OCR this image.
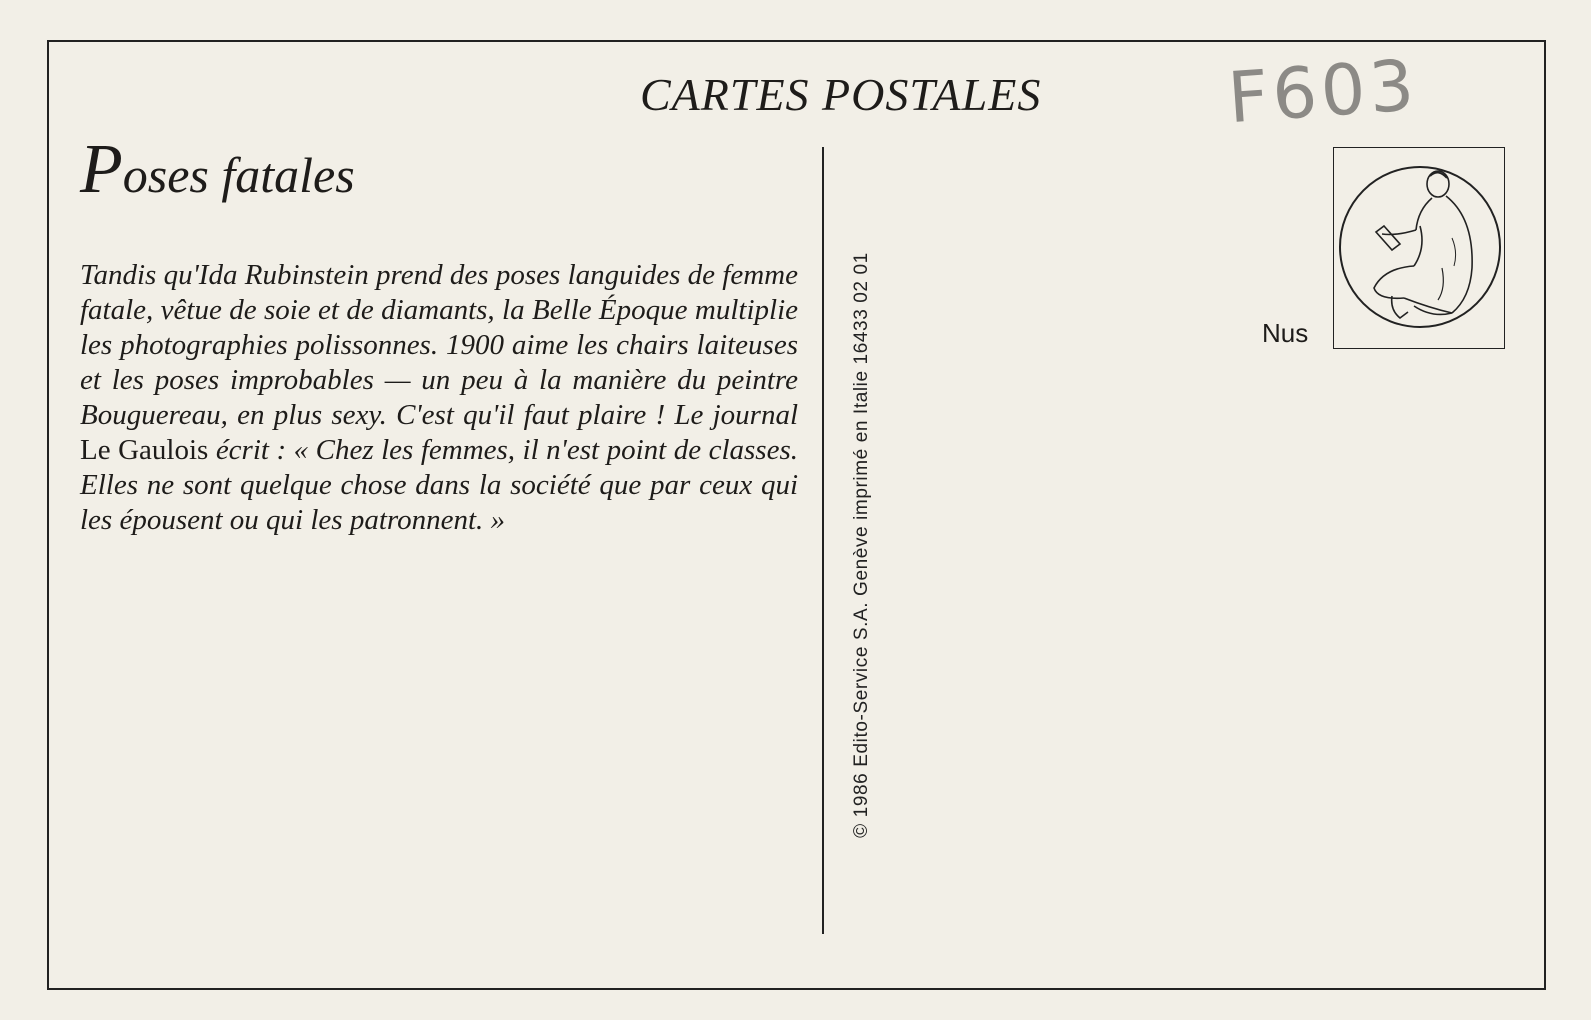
CARTES POSTALES	F603
Poses fatales
Tandis qu'Ida Rubinstein prend des poses languides de femme fatale, vêtue de soie et de diamants, la Belle Époque multiplie les photographies polissonnes. 1900 aime les chairs laiteuses et les poses improbables — un peu à la manière du peintre Bouguereau, en plus sexy. C'est qu'il faut plaire ! Le journal Le Gaulois écrit : « Chez les femmes, il n'est point de classes. Elles ne sont quelque chose dans la société que par ceux qui les épousent ou qui les patronnent. »	© 1986 Edito-Service S.A. Genève imprimé en Italie 16433 02 01	Nus
